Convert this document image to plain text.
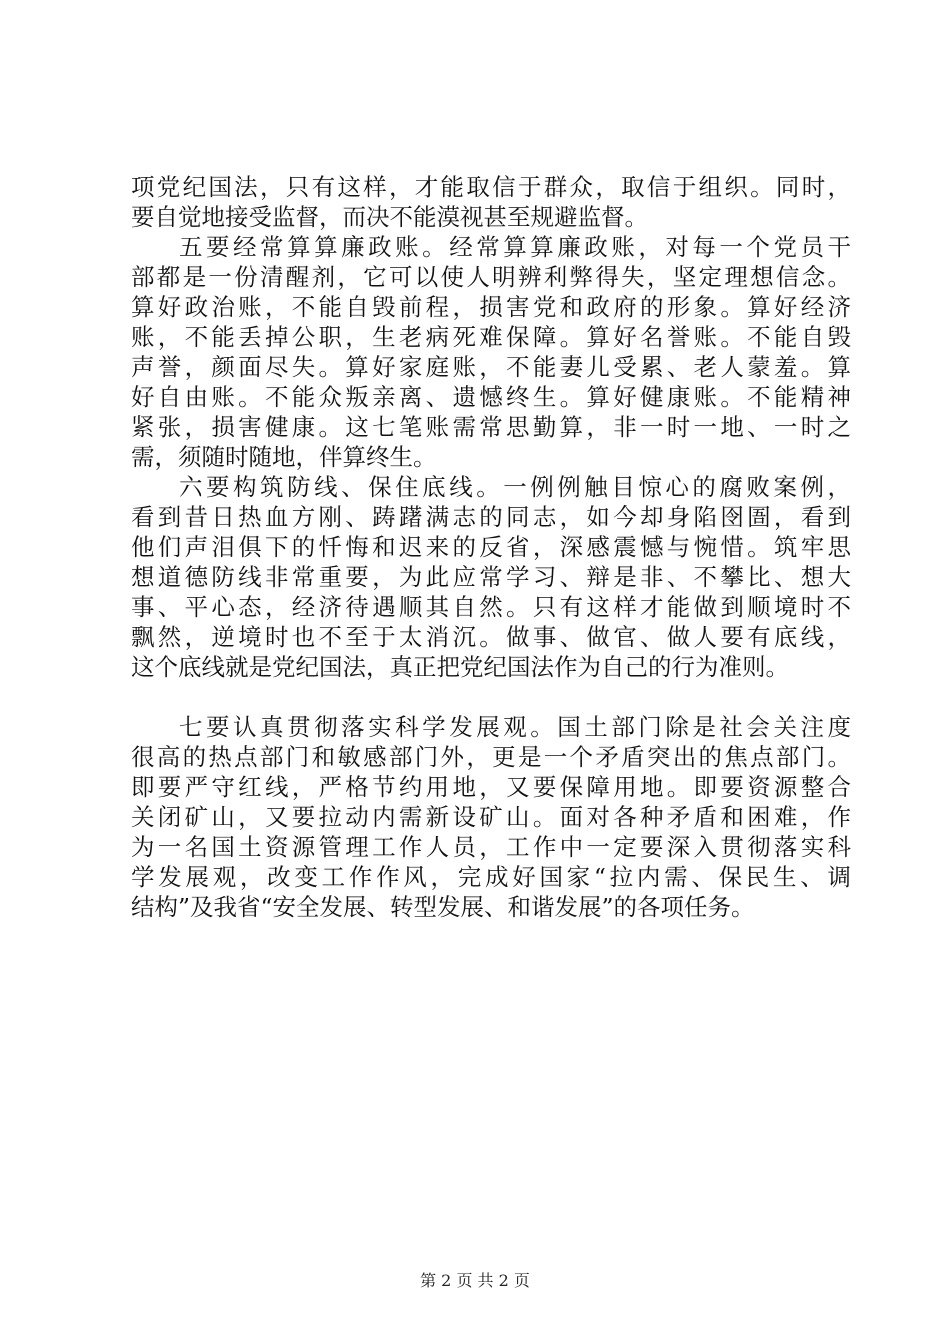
项党纪国法，只有这样，才能取信于群众，取信于组织。同时，
要自觉地接受监督，而决不能漠视甚至规避监督。
五要经常算算廉政账。经常算算廉政账，对每一个党员干
部都是一份清醒剂，它可以使人明辨利弊得失，坚定理想信念。
算好政治账，不能自毁前程，损害党和政府的形象。算好经济
账，不能丢掉公职，生老病死难保障。算好名誉账。不能自毁
声誉，颜面尽失。算好家庭账，不能妻儿受累、老人蒙羞。算
好自由账。不能众叛亲离、遗憾终生。算好健康账。不能精神
紧张，损害健康。这七笔账需常思勤算，非一时一地、一时之
需，须随时随地，伴算终生。
六要构筑防线、保住底线。一例例触目惊心的腐败案例，
看到昔日热血方刚、踌躇满志的同志，如今却身陷囹圄，看到
他们声泪俱下的忏悔和迟来的反省，深感震憾与惋惜。筑牢思
想道德防线非常重要，为此应常学习、辩是非、不攀比、想大
事、平心态，经济待遇顺其自然。只有这样才能做到顺境时不
飘然，逆境时也不至于太消沉。做事、做官、做人要有底线，
这个底线就是党纪国法，真正把党纪国法作为自己的行为准则。
七要认真贯彻落实科学发展观。国土部门除是社会关注度
很高的热点部门和敏感部门外，更是一个矛盾突出的焦点部门。
即要严守红线，严格节约用地，又要保障用地。即要资源整合
关闭矿山，又要拉动内需新设矿山。面对各种矛盾和困难，作
为一名国土资源管理工作人员，工作中一定要深入贯彻落实科
学发展观，改变工作作风，完成好国家“拉内需、保民生、调
结构”及我省“安全发展、转型发展、和谐发展”的各项任务。
第 2 页 共 2 页
